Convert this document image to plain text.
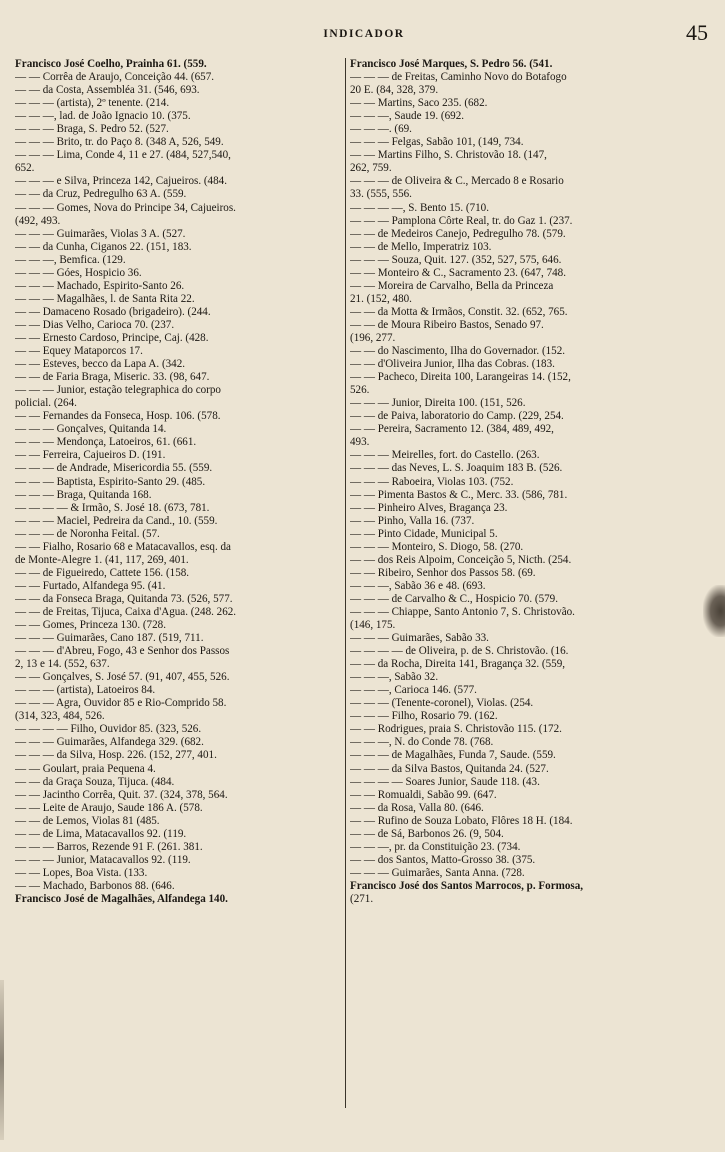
INDICADOR	45
Francisco José Coelho, Prainha 61. (559.
— — Corrêa de Araujo, Conceição 44. (657.
— — da Costa, Assembléa 31. (546, 693.
— — — (artista), 2º tenente. (214.
— — —, lad. de João Ignacio 10. (375.
— — — Braga, S. Pedro 52. (527.
— — — Brito, tr. do Paço 8. (348 A, 526, 549.
— — — Lima, Conde 4, 11 e 27. (484, 527,540,
652.
— — — e Silva, Princeza 142, Cajueiros. (484.
— — da Cruz, Pedregulho 63 A. (559.
— — — Gomes, Nova do Principe 34, Cajueiros.
(492, 493.
— — — Guimarães, Violas 3 A. (527.
— — da Cunha, Ciganos 22. (151, 183.
— — —, Bemfica. (129.
— — — Góes, Hospicio 36.
— — — Machado, Espirito-Santo 26.
— — — Magalhães, l. de Santa Rita 22.
— — Damaceno Rosado (brigadeiro). (244.
— — Dias Velho, Carioca 70. (237.
— — Ernesto Cardoso, Principe, Caj. (428.
— — Equey Mataporcos 17.
— — Esteves, becco da Lapa A. (342.
— — de Faria Braga, Miseric. 33. (98, 647.
— — — Junior, estação telegraphica do corpo
policial. (264.
— — Fernandes da Fonseca, Hosp. 106. (578.
— — — Gonçalves, Quitanda 14.
— — — Mendonça, Latoeiros, 61. (661.
— — Ferreira, Cajueiros D. (191.
— — — de Andrade, Misericordia 55. (559.
— — — Baptista, Espirito-Santo 29. (485.
— — — Braga, Quitanda 168.
— — — — & Irmão, S. José 18. (673, 781.
— — — Maciel, Pedreira da Cand., 10. (559.
— — — de Noronha Feital. (57.
— — Fialho, Rosario 68 e Matacavallos, esq. da
de Monte-Alegre 1. (41, 117, 269, 401.
— — de Figueiredo, Cattete 156. (158.
— — Furtado, Alfandega 95. (41.
— — da Fonseca Braga, Quitanda 73. (526, 577.
— — de Freitas, Tijuca, Caixa d'Agua. (248. 262.
— — Gomes, Princeza 130. (728.
— — — Guimarães, Cano 187. (519, 711.
— — — d'Abreu, Fogo, 43 e Senhor dos Passos
2, 13 e 14. (552, 637.
— — Gonçalves, S. José 57. (91, 407, 455, 526.
— — — (artista), Latoeiros 84.
— — — Agra, Ouvidor 85 e Rio-Comprido 58.
(314, 323, 484, 526.
— — — — Filho, Ouvidor 85. (323, 526.
— — — Guimarães, Alfandega 329. (682.
— — — da Silva, Hosp. 226. (152, 277, 401.
— — Goulart, praia Pequena 4.
— — da Graça Souza, Tijuca. (484.
— — Jacintho Corrêa, Quit. 37. (324, 378, 564.
— — Leite de Araujo, Saude 186 A. (578.
— — de Lemos, Violas 81 (485.
— — de Lima, Matacavallos 92. (119.
— — — Barros, Rezende 91 F. (261. 381.
— — — Junior, Matacavallos 92. (119.
— — Lopes, Boa Vista. (133.
— — Machado, Barbonos 88. (646.
Francisco José de Magalhães, Alfandega 140.
Francisco José Marques, S. Pedro 56. (541.
— — — de Freitas, Caminho Novo do Botafogo
20 E. (84, 328, 379.
— — Martins, Saco 235. (682.
— — —, Saude 19. (692.
— — —. (69.
— — — Felgas, Sabão 101, (149, 734.
— — Martins Filho, S. Christovão 18. (147,
262, 759.
— — — de Oliveira & C., Mercado 8 e Rosario
33. (555, 556.
— — — —, S. Bento 15. (710.
— — — Pamplona Côrte Real, tr. do Gaz 1. (237.
— — de Medeiros Canejo, Pedregulho 78. (579.
— — de Mello, Imperatriz 103.
— — — Souza, Quit. 127. (352, 527, 575, 646.
— — Monteiro & C., Sacramento 23. (647, 748.
— — Moreira de Carvalho, Bella da Princeza
21. (152, 480.
— — da Motta & Irmãos, Constit. 32. (652, 765.
— — de Moura Ribeiro Bastos, Senado 97.
(196, 277.
— — do Nascimento, Ilha do Governador. (152.
— — d'Oliveira Junior, Ilha das Cobras. (183.
— — Pacheco, Direita 100, Larangeiras 14. (152,
526.
— — — Junior, Direita 100. (151, 526.
— — de Paiva, laboratorio do Camp. (229, 254.
— — Pereira, Sacramento 12. (384, 489, 492,
493.
— — — Meirelles, fort. do Castello. (263.
— — — das Neves, L. S. Joaquim 183 B. (526.
— — — Raboeira, Violas 103. (752.
— — Pimenta Bastos & C., Merc. 33. (586, 781.
— — Pinheiro Alves, Bragança 23.
— — Pinho, Valla 16. (737.
— — Pinto Cidade, Municipal 5.
— — — Monteiro, S. Diogo, 58. (270.
— — dos Reis Alpoim, Conceição 5, Nicth. (254.
— — Ribeiro, Senhor dos Passos 58. (69.
— — —, Sabão 36 e 48. (693.
— — — de Carvalho & C., Hospicio 70. (579.
— — — Chiappe, Santo Antonio 7, S. Christovão.
(146, 175.
— — — Guimarães, Sabão 33.
— — — — de Oliveira, p. de S. Christovão. (16.
— — da Rocha, Direita 141, Bragança 32. (559,
— — —, Sabão 32.
— — —, Carioca 146. (577.
— — — (Tenente-coronel), Violas. (254.
— — — Filho, Rosario 79. (162.
— — Rodrigues, praia S. Christovão 115. (172.
— — —, N. do Conde 78. (768.
— — — de Magalhães, Funda 7, Saude. (559.
— — — da Silva Bastos, Quitanda 24. (527.
— — — — Soares Junior, Saude 118. (43.
— — Romualdi, Sabão 99. (647.
— — da Rosa, Valla 80. (646.
— — Rufino de Souza Lobato, Flôres 18 H. (184.
— — de Sá, Barbonos 26. (9, 504.
— — —, pr. da Constituição 23. (734.
— — dos Santos, Matto-Grosso 38. (375.
— — — Guimarães, Santa Anna. (728.
Francisco José dos Santos Marrocos, p. Formosa,
(271.
